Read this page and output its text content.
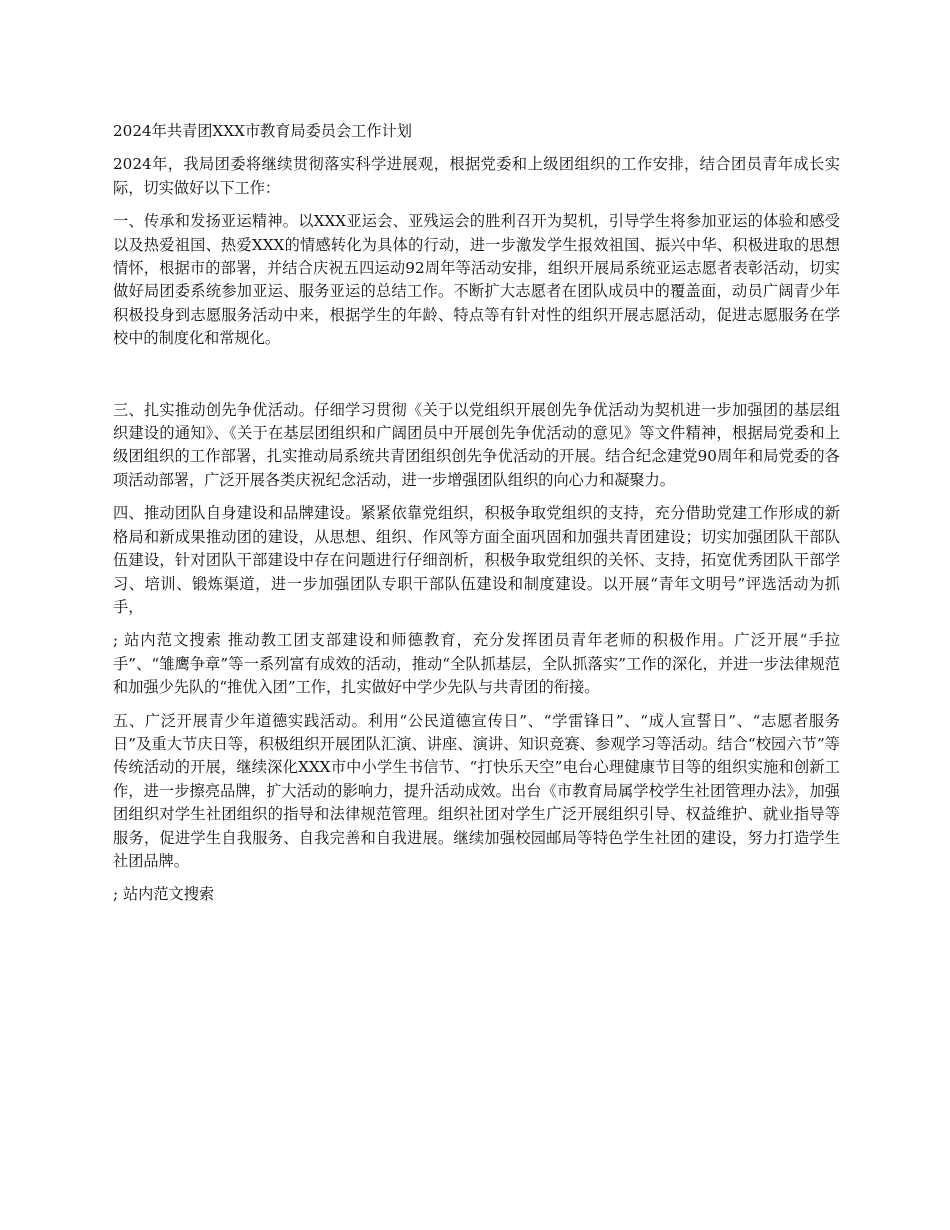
2024年共青团XXX市教育局委员会工作计划

2024年，我局团委将继续贯彻落实科学进展观，根据党委和上级团组织的工作安排，结合团员青年成长实际，切实做好以下工作：

一、传承和发扬亚运精神。以XXX亚运会、亚残运会的胜利召开为契机，引导学生将参加亚运的体验和感受以及热爱祖国、热爱XXX的情感转化为具体的行动，进一步激发学生报效祖国、振兴中华、积极进取的思想情怀，根据市的部署，并结合庆祝五四运动92周年等活动安排，组织开展局系统亚运志愿者表彰活动，切实做好局团委系统参加亚运、服务亚运的总结工作。不断扩大志愿者在团队成员中的覆盖面，动员广阔青少年积极投身到志愿服务活动中来，根据学生的年龄、特点等有针对性的组织开展志愿活动，促进志愿服务在学校中的制度化和常规化。

三、扎实推动创先争优活动。仔细学习贯彻《关于以党组织开展创先争优活动为契机进一步加强团的基层组织建设的通知》、《关于在基层团组织和广阔团员中开展创先争优活动的意见》等文件精神，根据局党委和上级团组织的工作部署，扎实推动局系统共青团组织创先争优活动的开展。结合纪念建党90周年和局党委的各项活动部署，广泛开展各类庆祝纪念活动，进一步增强团队组织的向心力和凝聚力。

四、推动团队自身建设和品牌建设。紧紧依靠党组织，积极争取党组织的支持，充分借助党建工作形成的新格局和新成果推动团的建设，从思想、组织、作风等方面全面巩固和加强共青团建设；切实加强团队干部队伍建设，针对团队干部建设中存在问题进行仔细剖析，积极争取党组织的关怀、支持，拓宽优秀团队干部学习、培训、锻炼渠道，进一步加强团队专职干部队伍建设和制度建设。以开展“青年文明号”评选活动为抓手，

; 站内范文搜索 推动教工团支部建设和师德教育，充分发挥团员青年老师的积极作用。广泛开展“手拉手”、“雏鹰争章”等一系列富有成效的活动，推动“全队抓基层，全队抓落实”工作的深化，并进一步法律规范和加强少先队的“推优入团”工作，扎实做好中学少先队与共青团的衔接。

五、广泛开展青少年道德实践活动。利用“公民道德宣传日”、“学雷锋日”、“成人宣誓日”、“志愿者服务日”及重大节庆日等，积极组织开展团队汇演、讲座、演讲、知识竞赛、参观学习等活动。结合“校园六节”等传统活动的开展，继续深化XXX市中小学生书信节、“打快乐天空”电台心理健康节目等的组织实施和创新工作，进一步擦亮品牌，扩大活动的影响力，提升活动成效。出台《市教育局属学校学生社团管理办法》，加强团组织对学生社团组织的指导和法律规范管理。组织社团对学生广泛开展组织引导、权益维护、就业指导等服务，促进学生自我服务、自我完善和自我进展。继续加强校园邮局等特色学生社团的建设，努力打造学生社团品牌。

; 站内范文搜索
